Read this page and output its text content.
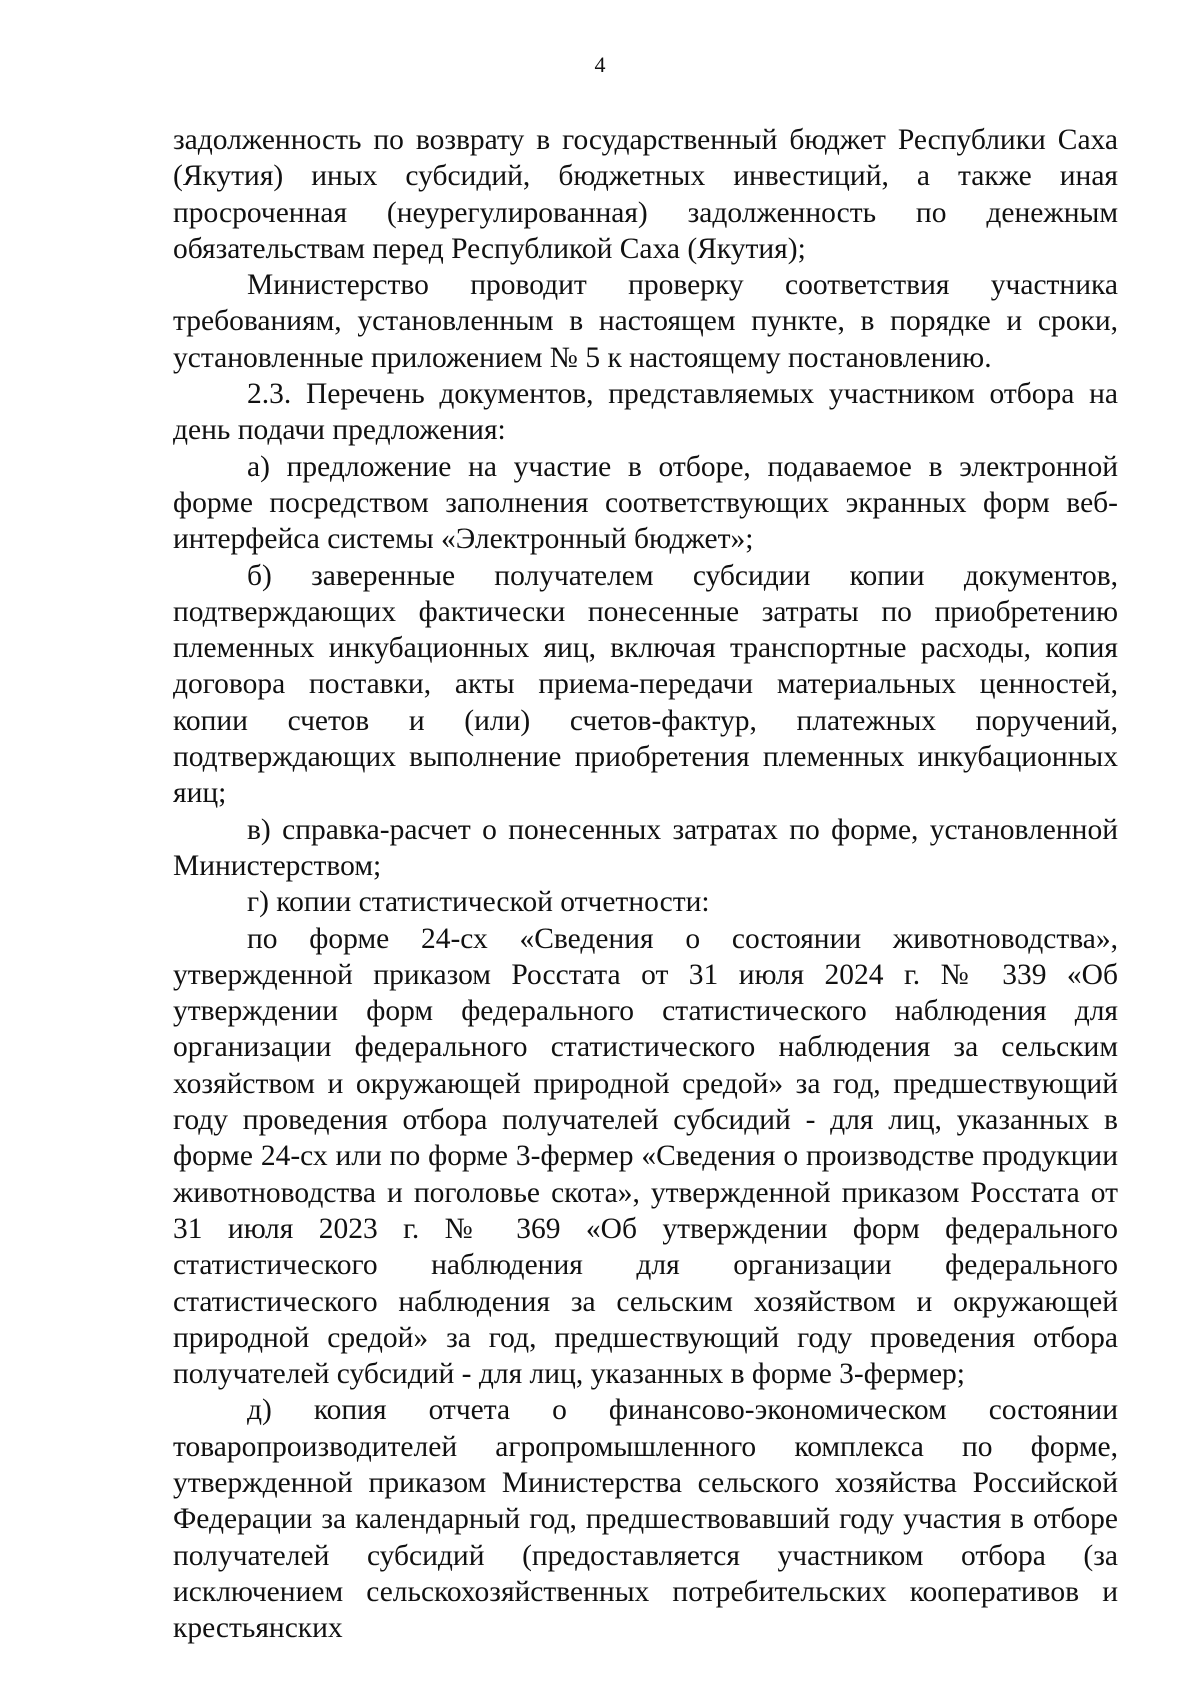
4

задолженность по возврату в государственный бюджет Республики Саха (Якутия) иных субсидий, бюджетных инвестиций, а также иная просроченная (неурегулированная) задолженность по денежным обязательствам перед Республикой Саха (Якутия);

Министерство проводит проверку соответствия участника требованиям, установленным в настоящем пункте, в порядке и сроки, установленные приложением № 5 к настоящему постановлению.

2.3. Перечень документов, представляемых участником отбора на день подачи предложения:

а) предложение на участие в отборе, подаваемое в электронной форме посредством заполнения соответствующих экранных форм веб-интерфейса системы «Электронный бюджет»;

б) заверенные получателем субсидии копии документов, подтверждающих фактически понесенные затраты по приобретению племенных инкубационных яиц, включая транспортные расходы, копия договора поставки, акты приема-передачи материальных ценностей, копии счетов и (или) счетов-фактур, платежных поручений, подтверждающих выполнение приобретения племенных инкубационных яиц;

в) справка-расчет о понесенных затратах по форме, установленной Министерством;

г) копии статистической отчетности:

по форме 24-сх «Сведения о состоянии животноводства», утвержденной приказом Росстата от 31 июля 2024 г. № 339 «Об утверждении форм федерального статистического наблюдения для организации федерального статистического наблюдения за сельским хозяйством и окружающей природной средой» за год, предшествующий году проведения отбора получателей субсидий - для лиц, указанных в форме 24-сх или по форме 3-фермер «Сведения о производстве продукции животноводства и поголовье скота», утвержденной приказом Росстата от 31 июля 2023 г. № 369 «Об утверждении форм федерального статистического наблюдения для организации федерального статистического наблюдения за сельским хозяйством и окружающей природной средой» за год, предшествующий году проведения отбора получателей субсидий - для лиц, указанных в форме 3-фермер;

д) копия отчета о финансово-экономическом состоянии товаропроизводителей агропромышленного комплекса по форме, утвержденной приказом Министерства сельского хозяйства Российской Федерации за календарный год, предшествовавший году участия в отборе получателей субсидий (предоставляется участником отбора (за исключением сельскохозяйственных потребительских кооперативов и крестьянских
